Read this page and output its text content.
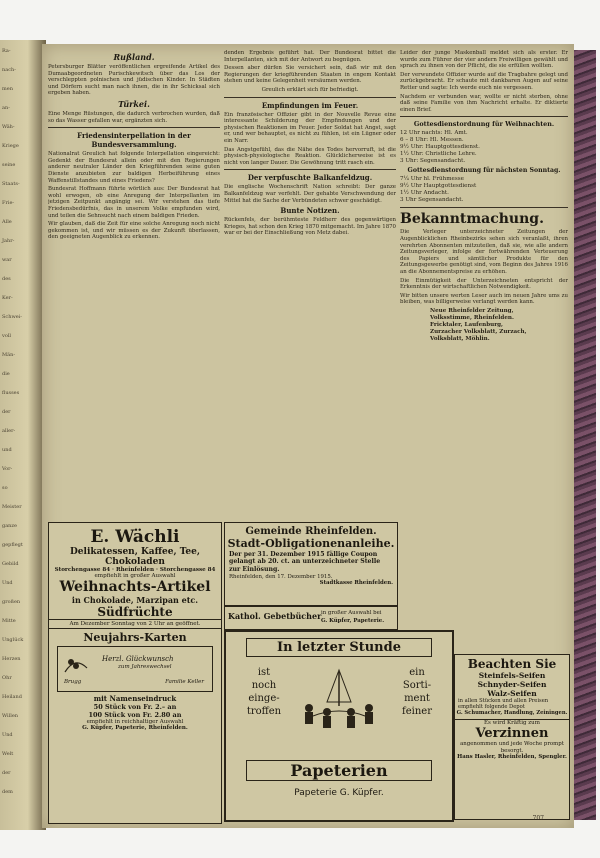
Ra-
nach-
men
an-
Wäh-
Kriege
seine
Staats-
Frie-
Alle
Jahr-
war
des
Ker-
Schwei-
voll
Män-
die
flusses
der
aller-
und
Vor-
so
Meister
ganze
gepflegt
Gebild
Und
großen
Mitte
Unglück
Herzen
Ohr
Heiland
Willen
Und
Welt
der
dem
Rußland.

Petersburger Blätter veröffentlichen ergreifende Artikel des Dumaabgeordneten Purischkewitsch über das Los der verschleppten polnischen und jüdischen Kinder. In Städten und Dörfern sucht man nach ihnen, die in ihr Schicksal sich ergeben haben.

Türkei.

Eine Menge Rüstungen, die dadurch verbrochen wurden, daß so das Wasser gefallen war, ergänzten sich.

Friedensinterpellation in der Bundesversammlung.

Nationalrat Greulich hat folgende Interpellation eingereicht: Gedenkt der Bundesrat allein oder mit den Regierungen anderer neutraler Länder den Kriegführenden seine guten Dienste anzubieten zur baldigen Herbeiführung eines Waffenstillstandes und eines Friedens?

Bundesrat Hoffmann führte wörtlich aus: Der Bundesrat hat wohl erwogen, ob eine Anregung der Interpellanten im jetzigen Zeitpunkt angängig sei. Wir verstehen das tiefe Friedensbedürfnis, das in unserem Volke empfunden wird, und teilen die Sehnsucht nach einem baldigen Frieden.

Wir glauben, daß die Zeit für eine solche Anregung noch nicht gekommen ist, und wir müssen es der Zukunft überlassen, den geeigneten Augenblick zu erkennen.

denden Ergebnis geführt hat. Der Bundesrat bittet die Interpellanten, sich mit der Antwort zu begnügen.

Dessen aber dürfen Sie versichert sein, daß wir mit den Regierungen der kriegführenden Staaten in engem Kontakt stehen und keine Gelegenheit versäumen werden.

Greulich erklärt sich für befriedigt.

Empfindungen im Feuer.

Ein französischer Offizier gibt in der Nouvelle Revue eine interessante Schilderung der Empfindungen und der physischen Reaktionen im Feuer. Jeder Soldat hat Angst, sagt er, und wer behauptet, es nicht zu fühlen, ist ein Lügner oder ein Narr.

Das Angstgefühl, das die Nähe des Todes hervorruft, ist die physisch-physiologische Reaktion. Glücklicherweise ist es nicht von langer Dauer. Die Gewöhnung tritt rasch ein.

Der verpfuschte Balkanfeldzug.

Die englische Wochenschrift Nation schreibt: Der ganze Balkanfeldzug war verfehlt. Der gehabte Verschwendung der Mittel hat die Sache der Verbündeten schwer geschädigt.

Bunte Notizen.

Rückenfels, der berühmteste Feldherr des gegenwärtigen Krieges, hat schon den Krieg 1870 mitgemacht. Im Jahre 1870 war er bei der Einschließung von Metz dabei.

Leider der junge Maskenball meldet sich als erster. Er wurde zum Führer der vier andern Freiwilligen gewählt und sprach zu ihnen von der Pflicht, die sie erfüllen wollten.

Der verwundete Offizier wurde auf die Tragbahre gelegt und zurückgebracht. Er schaute mit dankbaren Augen auf seine Retter und sagte: Ich werde euch nie vergessen.

Nachdem er verbunden war, wollte er nicht sterben, ohne daß seine Familie von ihm Nachricht erhalte. Er diktierte einen Brief.

Gottesdienstordnung für Weihnachten.
12 Uhr nachts: Hl. Amt.
6 – 8 Uhr: Hl. Messen.
9½ Uhr: Hauptgottesdienst.
1½ Uhr: Christliche Lehre.
3 Uhr: Segensandacht.
Gottesdienstordnung für nächsten Sonntag.
7¼ Uhr hl. Frühmesse
9½ Uhr Hauptgottesdienst
1½ Uhr Andacht.
3 Uhr Segensandacht.
Bekanntmachung.

Die Verleger unterzeichneter Zeitungen der Augenblicklichen Rheinbezirks sehen sich veranlaßt, ihren verehrten Abonnenten mitzuteilen, daß sie, wie alle andern Zeitungsverleger, infolge der fortwährenden Verteuerung des Papiers und sämtlicher Produkte für den Zeitungsgewerbe genötigt sind, vom Beginn des Jahres 1916 an die Abonnementspreise zu erhöhen.

Die Einmütigkeit der Unterzeichneten entspricht der Erkenntnis der wirtschaftlichen Notwendigkeit.

Wir bitten unsere werten Leser auch im neuen Jahre ums zu bleiben, was billigerweise verlangt werden kann.

Neue Rheinfelder Zeitung,
Volksstimme, Rheinfelden.
Fricktaler, Laufenburg,
Zurzacher Volksblatt, Zurzach,
Volksblatt, Möhlin.
E. Wächli
Delikatessen, Kaffee, Tee,
Chokoladen
Storchengasse 84 · Rheinfelden · Storchengasse 84
empfiehlt in großer Auswahl
Weihnachts-Artikel
in Chokolade, Marzipan etc.
Südfrüchte
Am Dezember Sonntag von 2 Uhr an geöffnet.
Neujahrs-Karten
Herzl. Glückwunsch
zum Jahreswechsel
Brugg	Familie Keller
mit Namenseindruck
50 Stück von Fr. 2.– an
100 Stück von Fr. 2.80 an
empfiehlt in reichhaltiger Auswahl
G. Küpfer, Papeterie, Rheinfelden.
Gemeinde Rheinfelden.
Stadt-Obligationenanleihe.
Der per 31. Dezember 1915 fällige Coupon gelangt ab 20. ct. an unterzeichneter Stelle zur Einlösung.
Rheinfelden, den 17. Dezember 1915.
Stadtkasse Rheinfelden.
Kathol. Gebetbücher in großer Auswahl bei
G. Küpfer, Papeterie.
In letzter Stunde
ist
noch
einge-
troffen
ein
Sorti-
ment
feiner
Papeterien
Papeterie G. Küpfer.
Beachten Sie
Steinfels-Seifen
Schnyder-Seifen
Walz-Seifen
in allen Stücken und allen Preisen empfiehlt folgende Depot
G. Schumacher, Handlung, Zeiningen.
Es wird Kräftig zum
Verzinnen
angenommen und jede Woche prompt besorgt.
Hans Hasler, Rheinfelden, Spengler.
707
